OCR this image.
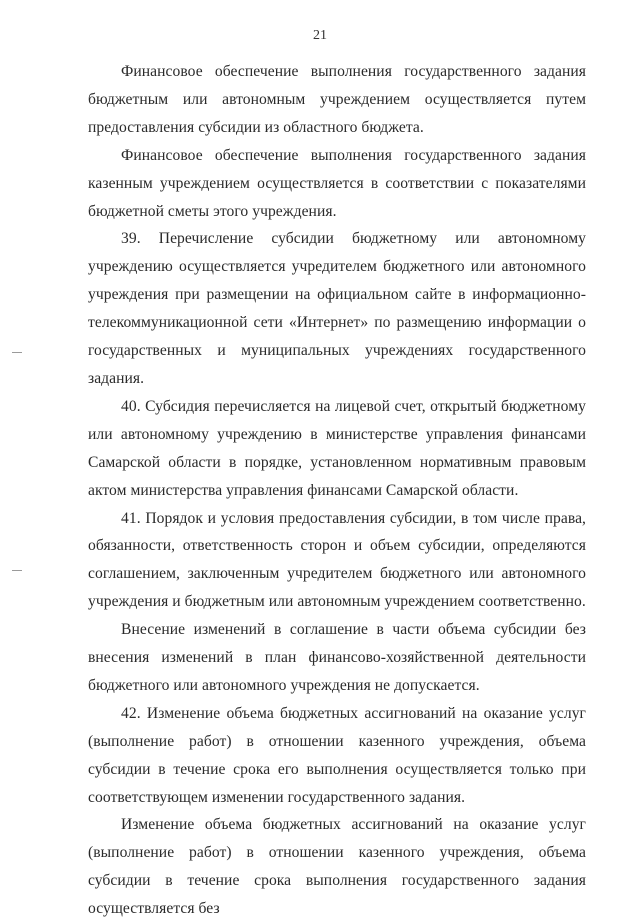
21

Финансовое обеспечение выполнения государственного задания бюджетным или автономным учреждением осуществляется путем предоставления субсидии из областного бюджета.

Финансовое обеспечение выполнения государственного задания казенным учреждением осуществляется в соответствии с показателями бюджетной сметы этого учреждения.

39. Перечисление субсидии бюджетному или автономному учреждению осуществляется учредителем бюджетного или автономного учреждения при размещении на официальном сайте в информационно-телекоммуникационной сети «Интернет» по размещению информации о государственных и муниципальных учреждениях государственного задания.

40. Субсидия перечисляется на лицевой счет, открытый бюджетному или автономному учреждению в министерстве управления финансами Самарской области в порядке, установленном нормативным правовым актом министерства управления финансами Самарской области.

41. Порядок и условия предоставления субсидии, в том числе права, обязанности, ответственность сторон и объем субсидии, определяются соглашением, заключенным учредителем бюджетного или автономного учреждения и бюджетным или автономным учреждением соответственно.

Внесение изменений в соглашение в части объема субсидии без внесения изменений в план финансово-хозяйственной деятельности бюджетного или автономного учреждения не допускается.

42. Изменение объема бюджетных ассигнований на оказание услуг (выполнение работ) в отношении казенного учреждения, объема субсидии в течение срока его выполнения осуществляется только при соответствующем изменении государственного задания.

Изменение объема бюджетных ассигнований на оказание услуг (выполнение работ) в отношении казенного учреждения, объема субсидии в течение срока выполнения государственного задания осуществляется без
